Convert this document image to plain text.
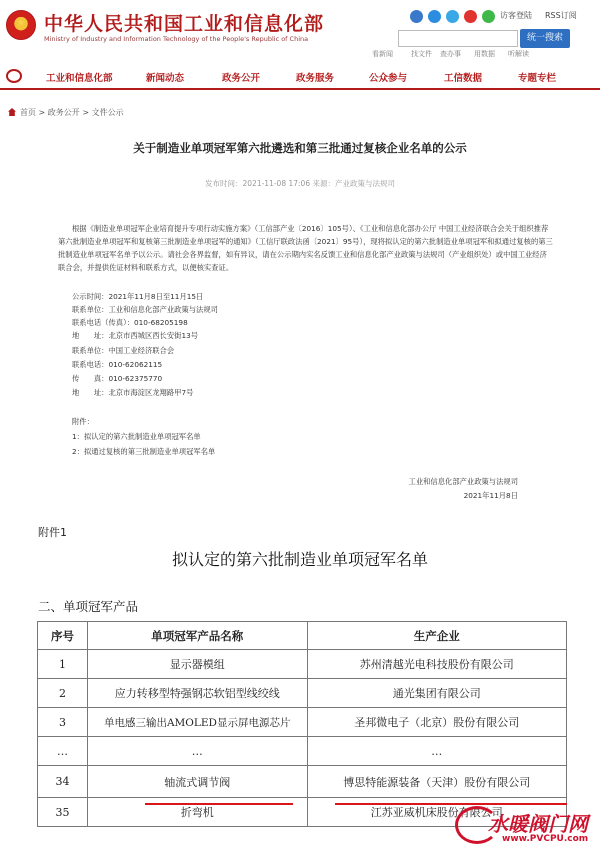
★
中华人民共和国工业和信息化部
Ministry of Industry and Information Technology of the People's Republic of China
访客登陆 RSS订阅
统一搜索
看新闻	找文件 查办事 用数据 听解读
工业和信息化部	新闻动态	政务公开	政务服务	公众参与	工信数据	专题专栏
首页 > 政务公开 > 文件公示
关于制造业单项冠军第六批遴选和第三批通过复核企业名单的公示
发布时间：2021-11-08 17:06 来源：产业政策与法规司
根据《制造业单项冠军企业培育提升专项行动实施方案》（工信部产业〔2016〕105号）、《工业和信息化部办公厅 中国工业经济联合会关于组织推荐第六批制造业单项冠军和复核第三批制造业单项冠军的通知》（工信厅联政法函〔2021〕95号），现将拟认定的第六批制造业单项冠军和拟通过复核的第三批制造业单项冠军名单予以公示。请社会各界监督，如有异议，请在公示期内实名反馈工业和信息化部产业政策与法规司（产业组织处）或中国工业经济联合会，并提供佐证材料和联系方式，以便核实查证。
公示时间：2021年11月8日至11月15日
联系单位：工业和信息化部产业政策与法规司
联系电话（传真）：010-68205198
地　　址：北京市西城区西长安街13号
联系单位：中国工业经济联合会
联系电话：010-62062115
传　　真：010-62375770
地　　址：北京市海淀区龙翔路甲7号
附件：
1：拟认定的第六批制造业单项冠军名单
2：拟通过复核的第三批制造业单项冠军名单
工业和信息化部产业政策与法规司
2021年11月8日
附件1
拟认定的第六批制造业单项冠军名单
二、单项冠军产品
序号	单项冠军产品名称	生产企业
1	显示器模组	苏州清越光电科技股份有限公司
2	应力转移型特强钢芯软铝型线绞线	通光集团有限公司
3	单电感三输出AMOLED显示屏电源芯片	圣邦微电子（北京）股份有限公司
…	…	…
34	轴流式调节阀	博思特能源装备（天津）股份有限公司
35	折弯机	江苏亚威机床股份有限公司
水暖阀门网
www.PVCPU.com
